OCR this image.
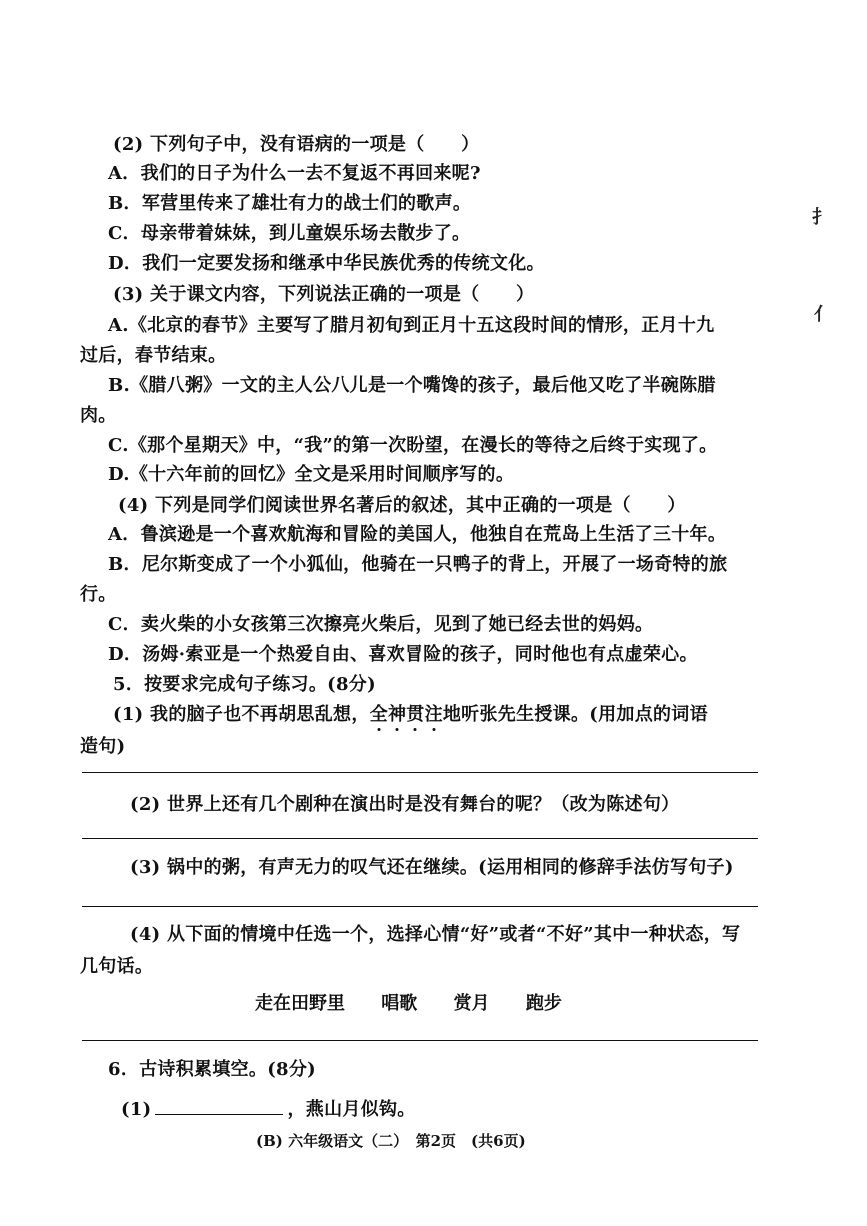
(2) 下列句子中，没有语病的一项是（　　）
A．我们的日子为什么一去不复返不再回来呢?
B．军营里传来了雄壮有力的战士们的歌声。
C．母亲带着妹妹，到儿童娱乐场去散步了。
D．我们一定要发扬和继承中华民族优秀的传统文化。
(3) 关于课文内容，下列说法正确的一项是（　　）
A.《北京的春节》主要写了腊月初旬到正月十五这段时间的情形，正月十九
过后，春节结束。
B.《腊八粥》一文的主人公八儿是一个嘴馋的孩子，最后他又吃了半碗陈腊
肉。
C.《那个星期天》中，“我”的第一次盼望，在漫长的等待之后终于实现了。
D.《十六年前的回忆》全文是采用时间顺序写的。
(4) 下列是同学们阅读世界名著后的叙述，其中正确的一项是（　　）
A．鲁滨逊是一个喜欢航海和冒险的美国人，他独自在荒岛上生活了三十年。
B．尼尔斯变成了一个小狐仙，他骑在一只鸭子的背上，开展了一场奇特的旅
行。
C．卖火柴的小女孩第三次擦亮火柴后，见到了她已经去世的妈妈。
D．汤姆·索亚是一个热爱自由、喜欢冒险的孩子，同时他也有点虚荣心。
5．按要求完成句子练习。(8分)
(1) 我的脑子也不再胡思乱想，全神贯注地听张先生授课。(用加点的词语
造句)
(2) 世界上还有几个剧种在演出时是没有舞台的呢？（改为陈述句）
(3) 锅中的粥，有声无力的叹气还在继续。(运用相同的修辞手法仿写句子)
(4) 从下面的情境中任选一个，选择心情“好”或者“不好”其中一种状态，写
几句话。
走在田野里 唱歌 赏月 跑步
6．古诗积累填空。(8分)
(1)	，燕山月似钩。
扌
亻
(B) 六年级语文（二）　第2页　(共6页)
